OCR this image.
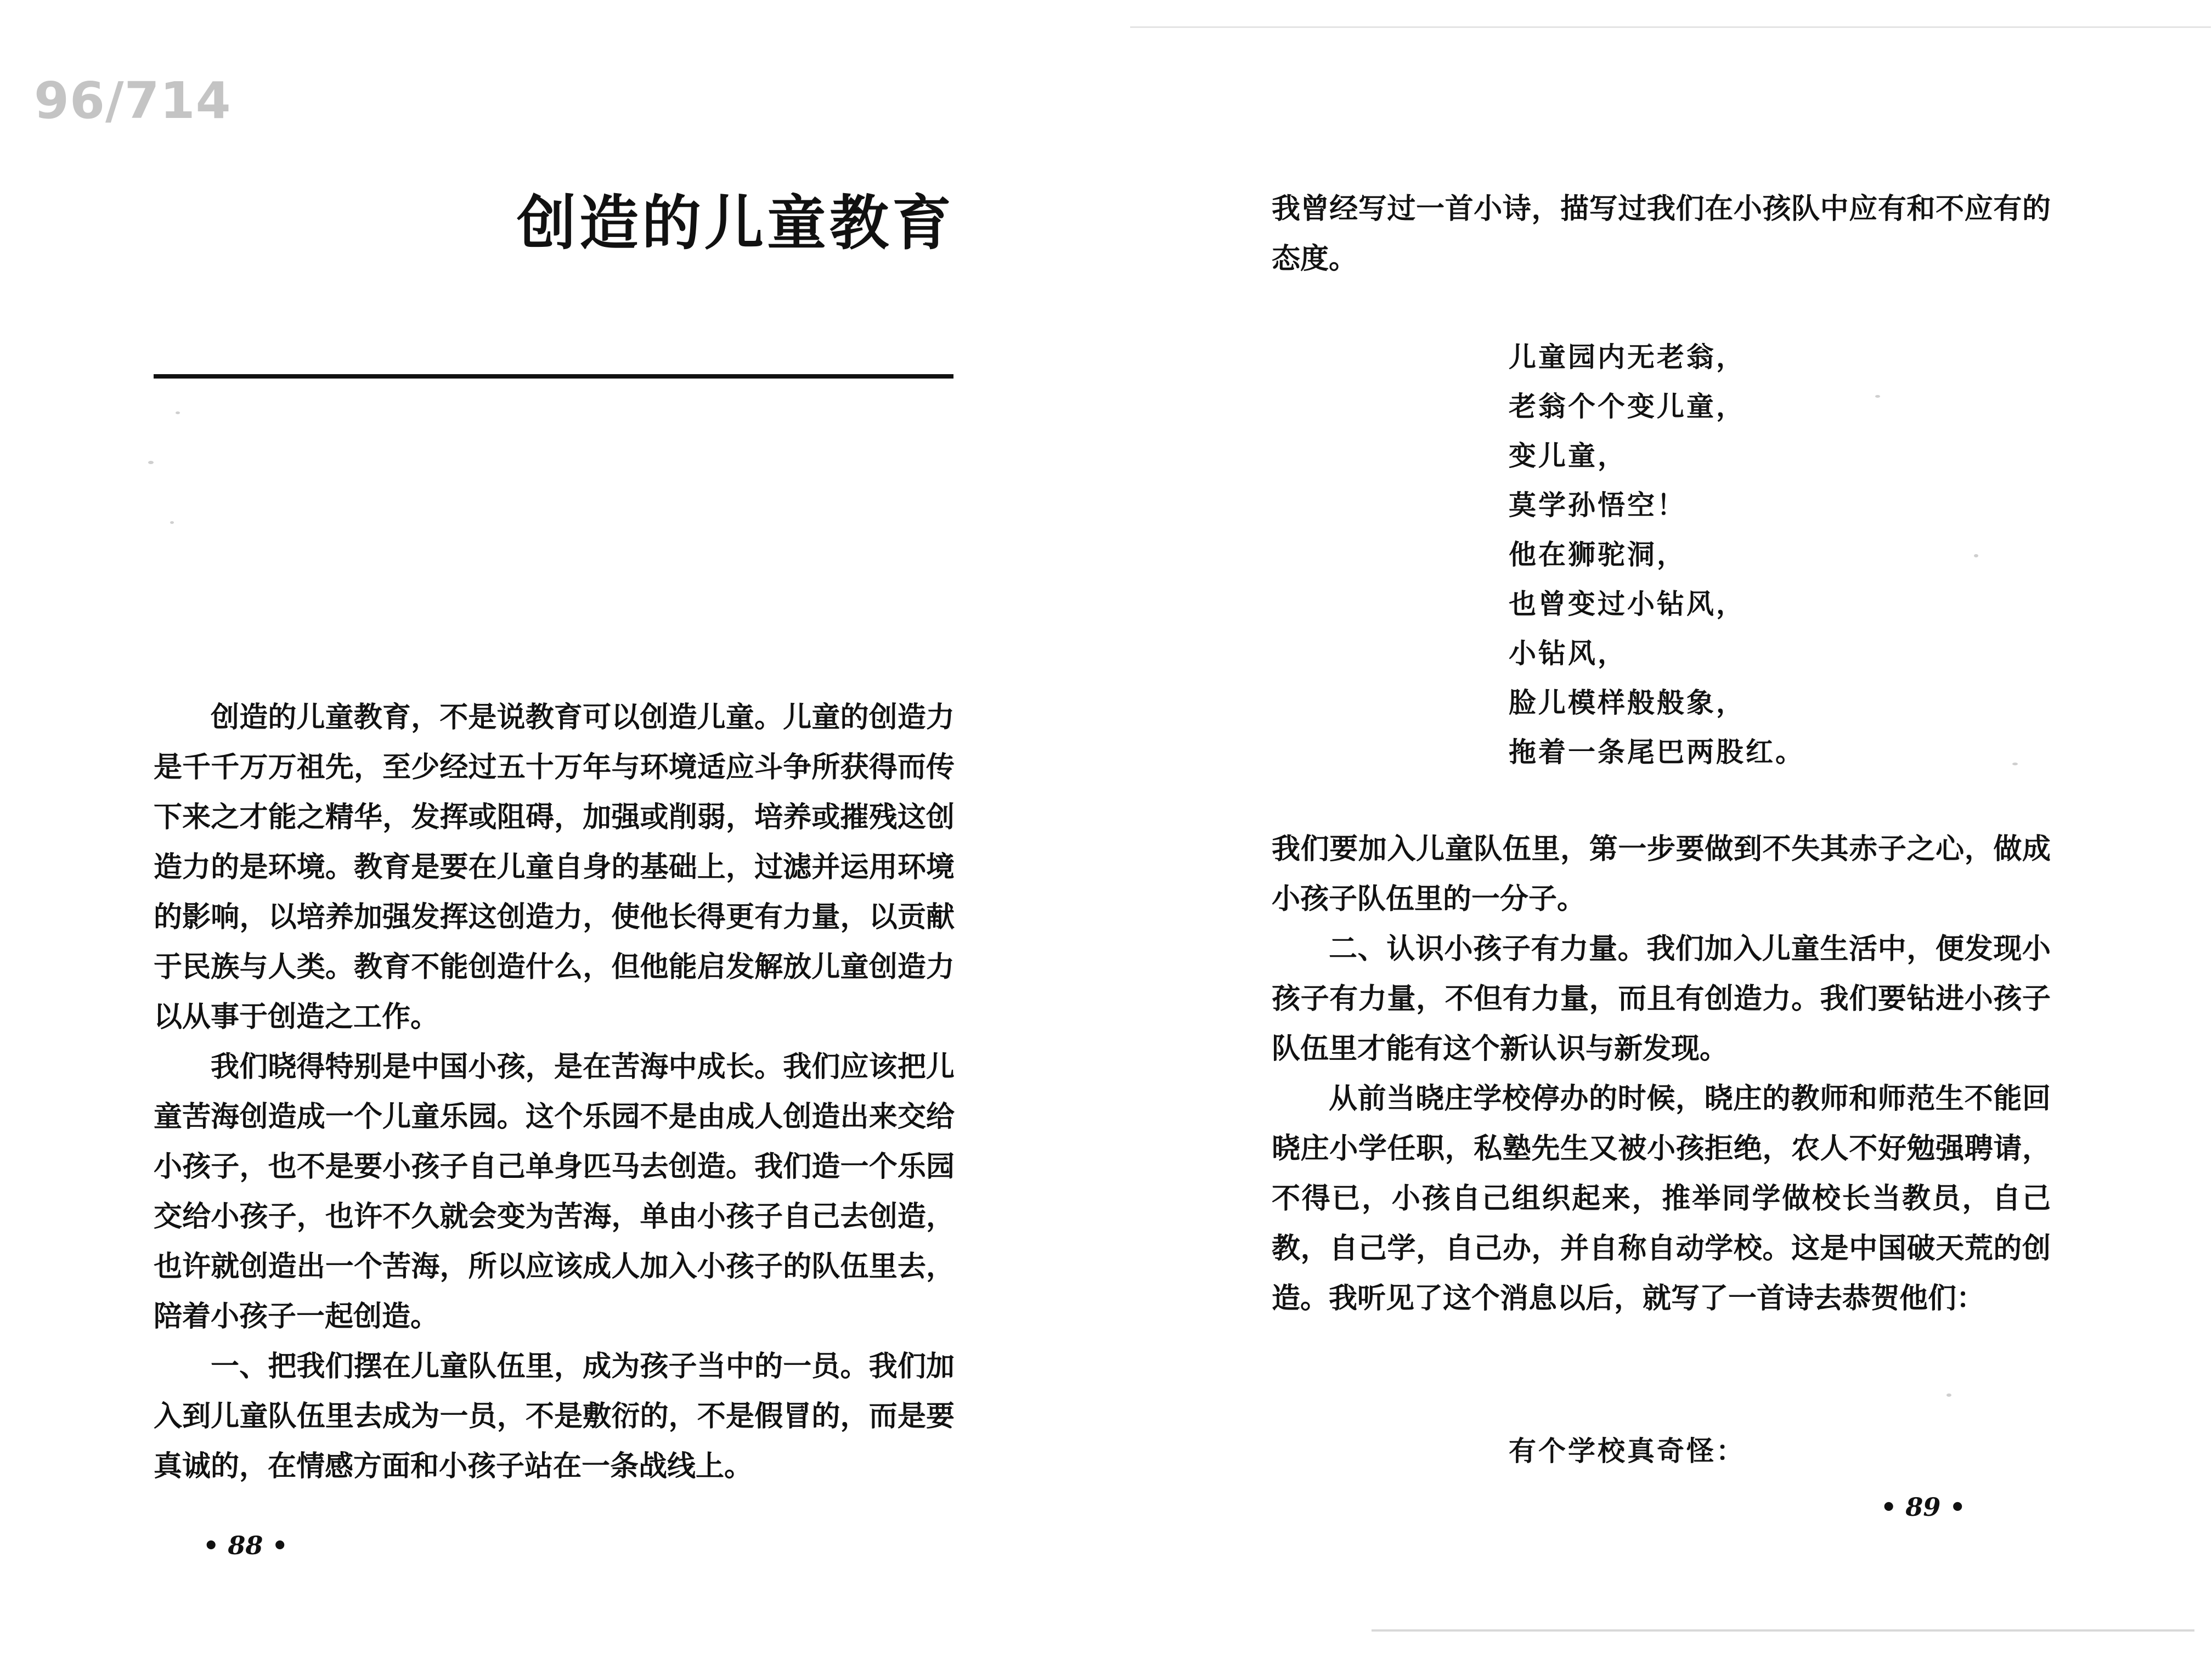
96/714
创造的儿童教育

创造的儿童教育，不是说教育可以创造儿童。儿童的创造力是千千万万祖先，至少经过五十万年与环境适应斗争所获得而传下来之才能之精华，发挥或阻碍，加强或削弱，培养或摧残这创造力的是环境。教育是要在儿童自身的基础上，过滤并运用环境的影响，以培养加强发挥这创造力，使他长得更有力量，以贡献于民族与人类。教育不能创造什么，但他能启发解放儿童创造力以从事于创造之工作。

我们晓得特别是中国小孩，是在苦海中成长。我们应该把儿童苦海创造成一个儿童乐园。这个乐园不是由成人创造出来交给小孩子，也不是要小孩子自己单身匹马去创造。我们造一个乐园交给小孩子，也许不久就会变为苦海，单由小孩子自己去创造，也许就创造出一个苦海，所以应该成人加入小孩子的队伍里去，陪着小孩子一起创造。

一、把我们摆在儿童队伍里，成为孩子当中的一员。我们加入到儿童队伍里去成为一员，不是敷衍的，不是假冒的，而是要真诚的，在情感方面和小孩子站在一条战线上。

• 88 •

我曾经写过一首小诗，描写过我们在小孩队中应有和不应有的态度。

儿童园内无老翁，
老翁个个变儿童，
变儿童，
莫学孙悟空！
他在狮驼洞，
也曾变过小钻风，
小钻风，
脸儿模样般般象，
拖着一条尾巴两股红。

我们要加入儿童队伍里，第一步要做到不失其赤子之心，做成小孩子队伍里的一分子。

二、认识小孩子有力量。我们加入儿童生活中，便发现小孩子有力量，不但有力量，而且有创造力。我们要钻进小孩子队伍里才能有这个新认识与新发现。

从前当晓庄学校停办的时候，晓庄的教师和师范生不能回晓庄小学任职，私塾先生又被小孩拒绝，农人不好勉强聘请，不得已，小孩自己组织起来，推举同学做校长当教员，自己教，自己学，自己办，并自称自动学校。这是中国破天荒的创造。我听见了这个消息以后，就写了一首诗去恭贺他们：

有个学校真奇怪：
• 89 •
